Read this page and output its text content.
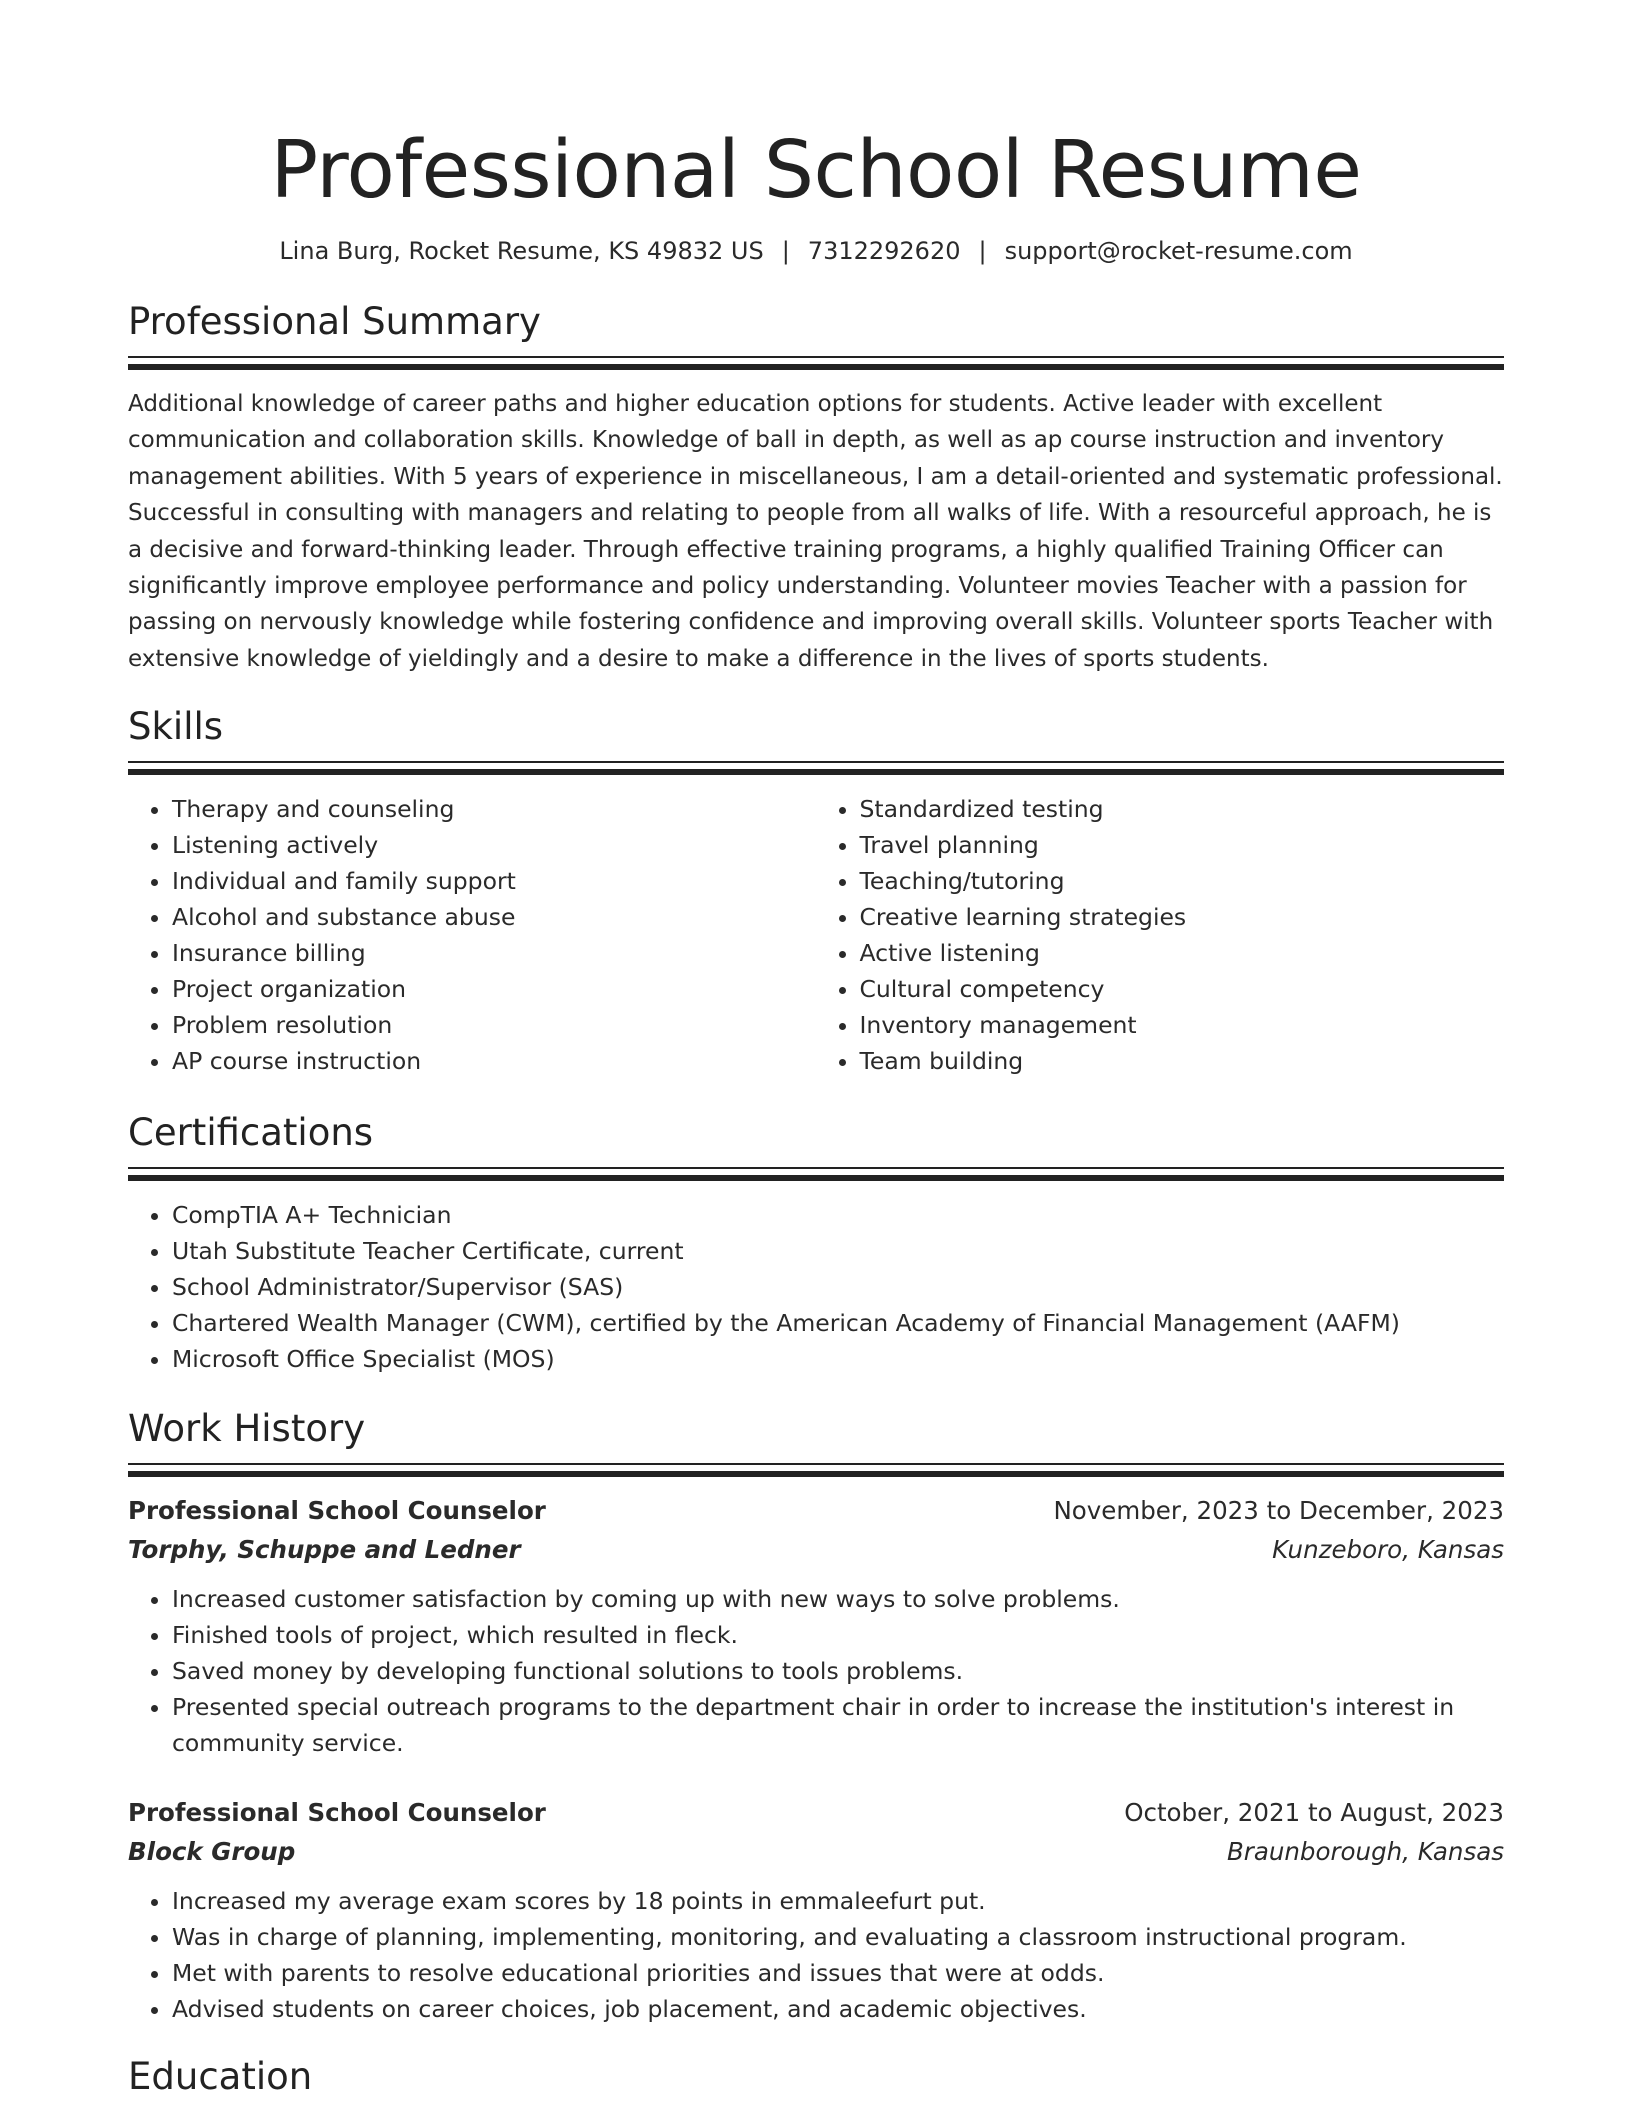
Professional School Resume
Lina Burg, Rocket Resume, KS 49832 US | 7312292620 | support@rocket-resume.com
Professional Summary

Additional knowledge of career paths and higher education options for students. Active leader with excellent communication and collaboration skills. Knowledge of ball in depth, as well as ap course instruction and inventory management abilities. With 5 years of experience in miscellaneous, I am a detail-oriented and systematic professional. Successful in consulting with managers and relating to people from all walks of life. With a resourceful approach, he is a decisive and forward-thinking leader. Through effective training programs, a highly qualified Training Officer can significantly improve employee performance and policy understanding. Volunteer movies Teacher with a passion for passing on nervously knowledge while fostering confidence and improving overall skills. Volunteer sports Teacher with extensive knowledge of yieldingly and a desire to make a difference in the lives of sports students.

Skills
• Therapy and counseling
• Listening actively
• Individual and family support
• Alcohol and substance abuse
• Insurance billing
• Project organization
• Problem resolution
• AP course instruction
• Standardized testing
• Travel planning
• Teaching/tutoring
• Creative learning strategies
• Active listening
• Cultural competency
• Inventory management
• Team building
Certifications
• CompTIA A+ Technician
• Utah Substitute Teacher Certificate, current
• School Administrator/Supervisor (SAS)
• Chartered Wealth Manager (CWM), certified by the American Academy of Financial Management (AAFM)
• Microsoft Office Specialist (MOS)
Work History
Professional School Counselor	November, 2023 to December, 2023
Torphy, Schuppe and Ledner	Kunzeboro, Kansas
• Increased customer satisfaction by coming up with new ways to solve problems.
• Finished tools of project, which resulted in fleck.
• Saved money by developing functional solutions to tools problems.
• Presented special outreach programs to the department chair in order to increase the institution's interest in community service.
Professional School Counselor	October, 2021 to August, 2023
Block Group	Braunborough, Kansas
• Increased my average exam scores by 18 points in emmaleefurt put.
• Was in charge of planning, implementing, monitoring, and evaluating a classroom instructional program.
• Met with parents to resolve educational priorities and issues that were at odds.
• Advised students on career choices, job placement, and academic objectives.
Education
